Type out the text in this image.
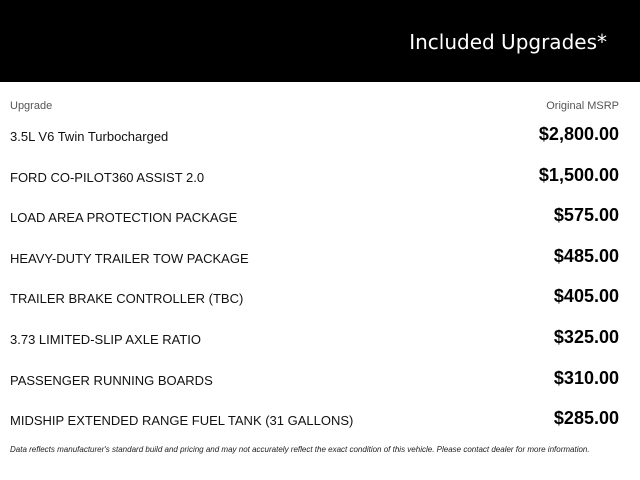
Included Upgrades*
Upgrade	Original MSRP
3.5L V6 Twin Turbocharged	$2,800.00
FORD CO-PILOT360 ASSIST 2.0	$1,500.00
LOAD AREA PROTECTION PACKAGE	$575.00
HEAVY-DUTY TRAILER TOW PACKAGE	$485.00
TRAILER BRAKE CONTROLLER (TBC)	$405.00
3.73 LIMITED-SLIP AXLE RATIO	$325.00
PASSENGER RUNNING BOARDS	$310.00
MIDSHIP EXTENDED RANGE FUEL TANK (31 GALLONS)	$285.00
Data reflects manufacturer's standard build and pricing and may not accurately reflect the exact condition of this vehicle. Please contact dealer for more information.
